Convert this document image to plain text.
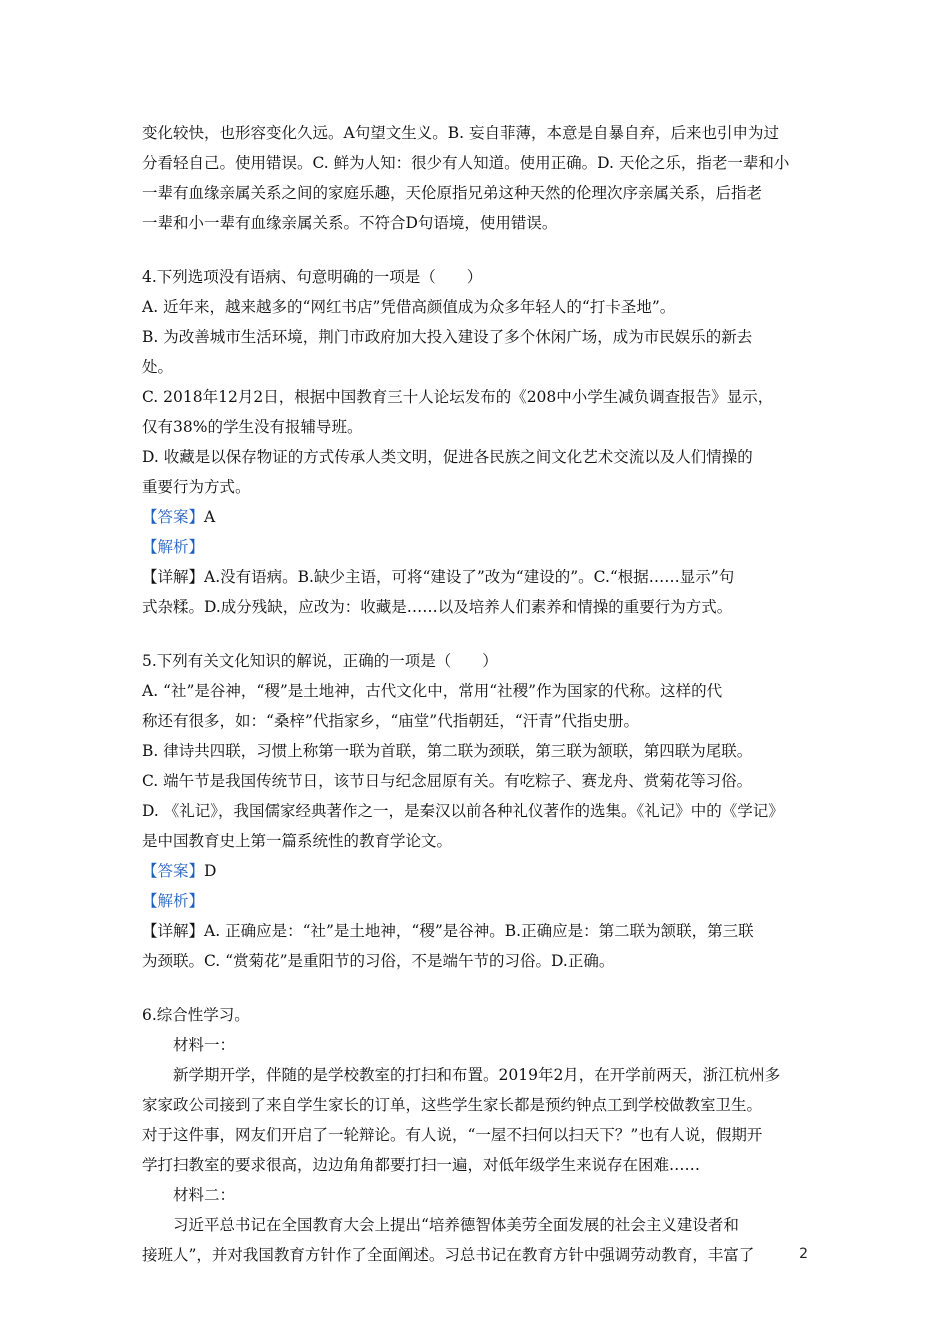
变化较快，也形容变化久远。A句望文生义。B. 妄自菲薄，本意是自暴自弃，后来也引申为过

分看轻自己。使用错误。C. 鲜为人知：很少有人知道。使用正确。D. 天伦之乐，指老一辈和小

一辈有血缘亲属关系之间的家庭乐趣，天伦原指兄弟这种天然的伦理次序亲属关系，后指老

一辈和小一辈有血缘亲属关系。不符合D句语境，使用错误。

4.下列选项没有语病、句意明确的一项是（　　）

A. 近年来，越来越多的“网红书店”凭借高颜值成为众多年轻人的“打卡圣地”。

B. 为改善城市生活环境，荆门市政府加大投入建设了多个休闲广场，成为市民娱乐的新去

处。

C. 2018年12月2日，根据中国教育三十人论坛发布的《208中小学生减负调查报告》显示，

仅有38%的学生没有报辅导班。

D. 收藏是以保存物证的方式传承人类文明，促进各民族之间文化艺术交流以及人们情操的

重要行为方式。

【答案】A

【解析】

【详解】A.没有语病。B.缺少主语，可将“建设了”改为“建设的”。C.“根据……显示”句

式杂糅。D.成分残缺，应改为：收藏是……以及培养人们素养和情操的重要行为方式。

5.下列有关文化知识的解说，正确的一项是（　　）

A. “社”是谷神，“稷”是土地神，古代文化中，常用“社稷”作为国家的代称。这样的代

称还有很多，如：“桑梓”代指家乡，“庙堂”代指朝廷，“汗青”代指史册。

B. 律诗共四联，习惯上称第一联为首联，第二联为颈联，第三联为颔联，第四联为尾联。

C. 端午节是我国传统节日，该节日与纪念屈原有关。有吃粽子、赛龙舟、赏菊花等习俗。

D. 《礼记》，我国儒家经典著作之一，是秦汉以前各种礼仪著作的选集。《礼记》中的《学记》

是中国教育史上第一篇系统性的教育学论文。

【答案】D

【解析】

【详解】A. 正确应是：“社”是土地神，“稷”是谷神。B.正确应是：第二联为颔联，第三联

为颈联。C. “赏菊花”是重阳节的习俗，不是端午节的习俗。D.正确。

6.综合性学习。

材料一：

新学期开学，伴随的是学校教室的打扫和布置。2019年2月，在开学前两天，浙江杭州多

家家政公司接到了来自学生家长的订单，这些学生家长都是预约钟点工到学校做教室卫生。

对于这件事，网友们开启了一轮辩论。有人说，“一屋不扫何以扫天下？”也有人说，假期开

学打扫教室的要求很高，边边角角都要打扫一遍，对低年级学生来说存在困难……

材料二：

习近平总书记在全国教育大会上提出“培养德智体美劳全面发展的社会主义建设者和

接班人”，并对我国教育方针作了全面阐述。习总书记在教育方针中强调劳动教育，丰富了	2
